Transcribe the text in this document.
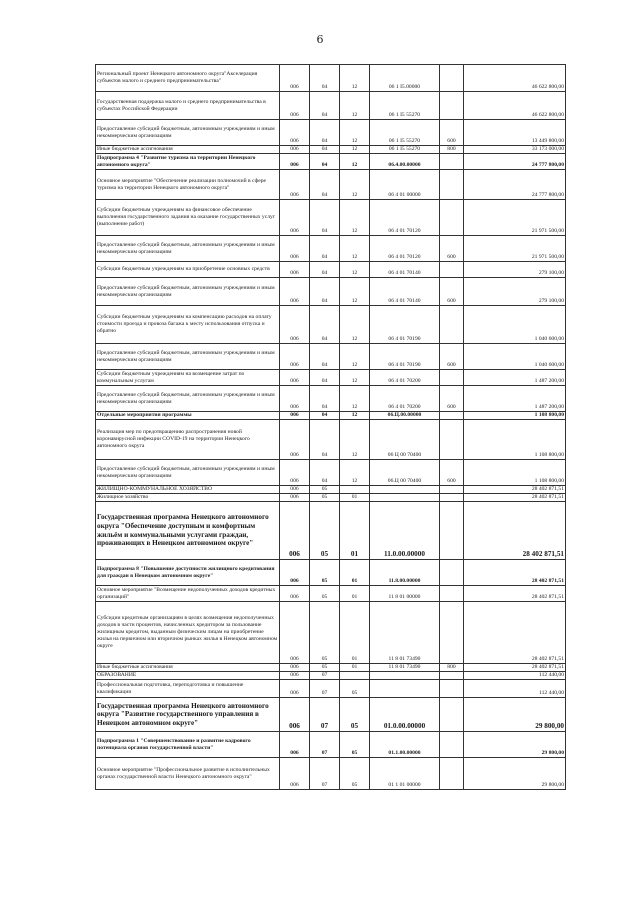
6
Региональный проект Ненецкого автономного округа"Акселерация субъектов малого и среднего предпринимательства"	006	04	12	06 1 I5.00000		46 622 800,00
Государственная поддержка малого и среднего предпринимательства в субъектах Российской Федерации	006	04	12	06 1 I5 55270		46 622 800,00
Предоставление субсидий бюджетным, автономным учреждениям и иным некоммерческим организациям	006	04	12	06 1 I5 55270	600	13 449 800,00
Иные бюджетные ассигнования	006	04	12	06 1 I5 55270	800	33 173 000,00
Подпрограмма 4 "Развитие туризма на территории Ненецкого автономного округа"	006	04	12	06.4.00.00000		24 777 800,00
Основное мероприятие "Обеспечение реализации полномочий в сфере туризма на территории Ненецкого автономного округа"	006	04	12	06 4 01 00000		24 777 800,00
Субсидии бюджетным учреждениям на финансовое обеспечение выполнения государственного задания на оказание государственных услуг (выполнение работ)	006	04	12	06 4 01 70120		21 971 500,00
Предоставление субсидий бюджетным, автономным учреждениям и иным некоммерческим организациям	006	04	12	06 4 01 70120	600	21 971 500,00
Субсидии бюджетным учреждениям на приобретение основных средств	006	04	12	06 4 01 70140		279 100,00
Предоставление субсидий бюджетным, автономным учреждениям и иным некоммерческим организациям	006	04	12	06 4 01 70140	600	279 100,00
Субсидии бюджетным учреждениям на компенсацию расходов на оплату стоимости проезда и провоза багажа к месту использования отпуска и обратно	006	04	12	06 4 01 70190		1 040 600,00
Предоставление субсидий бюджетным, автономным учреждениям и иным некоммерческим организациям	006	04	12	06 4 01 70190	600	1 040 600,00
Субсидии бюджетным учреждениям на возмещение затрат по коммунальным услугам	006	04	12	06 4 01 70200		1 487 200,00
Предоставление субсидий бюджетным, автономным учреждениям и иным некоммерческим организациям	006	04	12	06 4 01 70200	600	1 487 200,00
Отдельные мероприятия программы	006	04	12	06.Ц.00.00000		1 108 800,00
Реализация мер по предотвращению распространения новой коронавирусной инфекции COVID-19 на территории Ненецкого автономного округа	006	04	12	06 Ц 00 70400		1 108 800,00
Предоставление субсидий бюджетным, автономным учреждениям и иным некоммерческим организациям	006	04	12	06.Ц 00 70400	600	1 108 800,00
ЖИЛИЩНО-КОММУНАЛЬНОЕ ХОЗЯЙСТВО	006	05				28 402 871,51
Жилищное хозяйство	006	05	01			28 402 871,51
Государственная программа Ненецкого автономного округа "Обеспечение доступным и комфортным жильём и коммунальными услугами граждан, проживающих в Ненецком автономном округе"	006	05	01	11.0.00.00000		28 402 871,51
Подпрограмма 8 "Повышение доступности жилищного кредитования для граждан в Ненецком автономном округе"	006	05	01	11.8.00.00000		28 402 871,51
Основное мероприятие "Возмещение недополученных доходов кредитных организаций"	006	05	01	11 8 01 00000		28 402 871,51
Субсидии кредитным организациям в целях возмещения недополученных доходов в части процентов, начисленных кредитором за пользование жилищным кредитом, выданным физическим лицам на приобретение жилья на первичном или вторичном рынках жилья в Ненецком автономном округе	006	05	01	11 8 01 73490		28 402 871,51
Иные бюджетные ассигнования	006	05	01	11 8 01 73490	800	28 402 871,51
ОБРАЗОВАНИЕ	006	07				112 440,00
Профессиональная подготовка, переподготовка и повышение квалификации	006	07	05			112 440,00
Государственная программа Ненецкого автономного округа "Развитие государственного управления в Ненецком автономном округе"	006	07	05	01.0.00.00000		29 800,00
Подпрограмма 1 "Совершенствование и развитие кадрового потенциала органов государственной власти"	006	07	05	01.1.00.00000		29 800,00
Основное мероприятие "Профессиональное развитие в исполнительных органах государственной власти Ненецкого автономного округа"	006	07	05	01 1 01 00000		29 800,00
